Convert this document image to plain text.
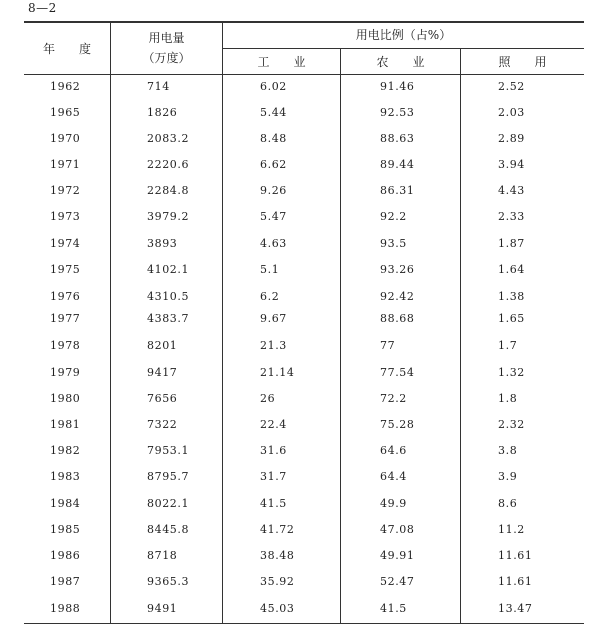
8—2
年　　度
用电量
（万度）
用电比例（占%）
工　　业	农　　业	照　　用
1962	714	6.02	91.46	2.52
1965	1826	5.44	92.53	2.03
1970	2083.2	8.48	88.63	2.89
1971	2220.6	6.62	89.44	3.94
1972	2284.8	9.26	86.31	4.43
1973	3979.2	5.47	92.2	2.33
1974	3893	4.63	93.5	1.87
1975	4102.1	5.1	93.26	1.64
1976	4310.5	6.2	92.42	1.38
1977	4383.7	9.67	88.68	1.65
1978	8201	21.3	77	1.7
1979	9417	21.14	77.54	1.32
1980	7656	26	72.2	1.8
1981	7322	22.4	75.28	2.32
1982	7953.1	31.6	64.6	3.8
1983	8795.7	31.7	64.4	3.9
1984	8022.1	41.5	49.9	8.6
1985	8445.8	41.72	47.08	11.2
1986	8718	38.48	49.91	11.61
1987	9365.3	35.92	52.47	11.61
1988	9491	45.03	41.5	13.47
